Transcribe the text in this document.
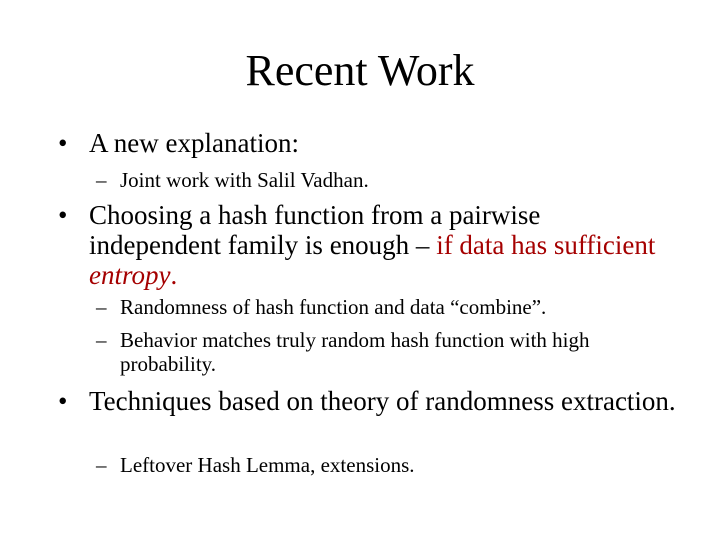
Recent Work
• A new explanation:
– Joint work with Salil Vadhan.
• Choosing a hash function from a pairwise independent family is enough – if data has sufficient entropy.
– Randomness of hash function and data “combine”.
– Behavior matches truly random hash function with high probability.
• Techniques based on theory of randomness extraction.
– Leftover Hash Lemma, extensions.
